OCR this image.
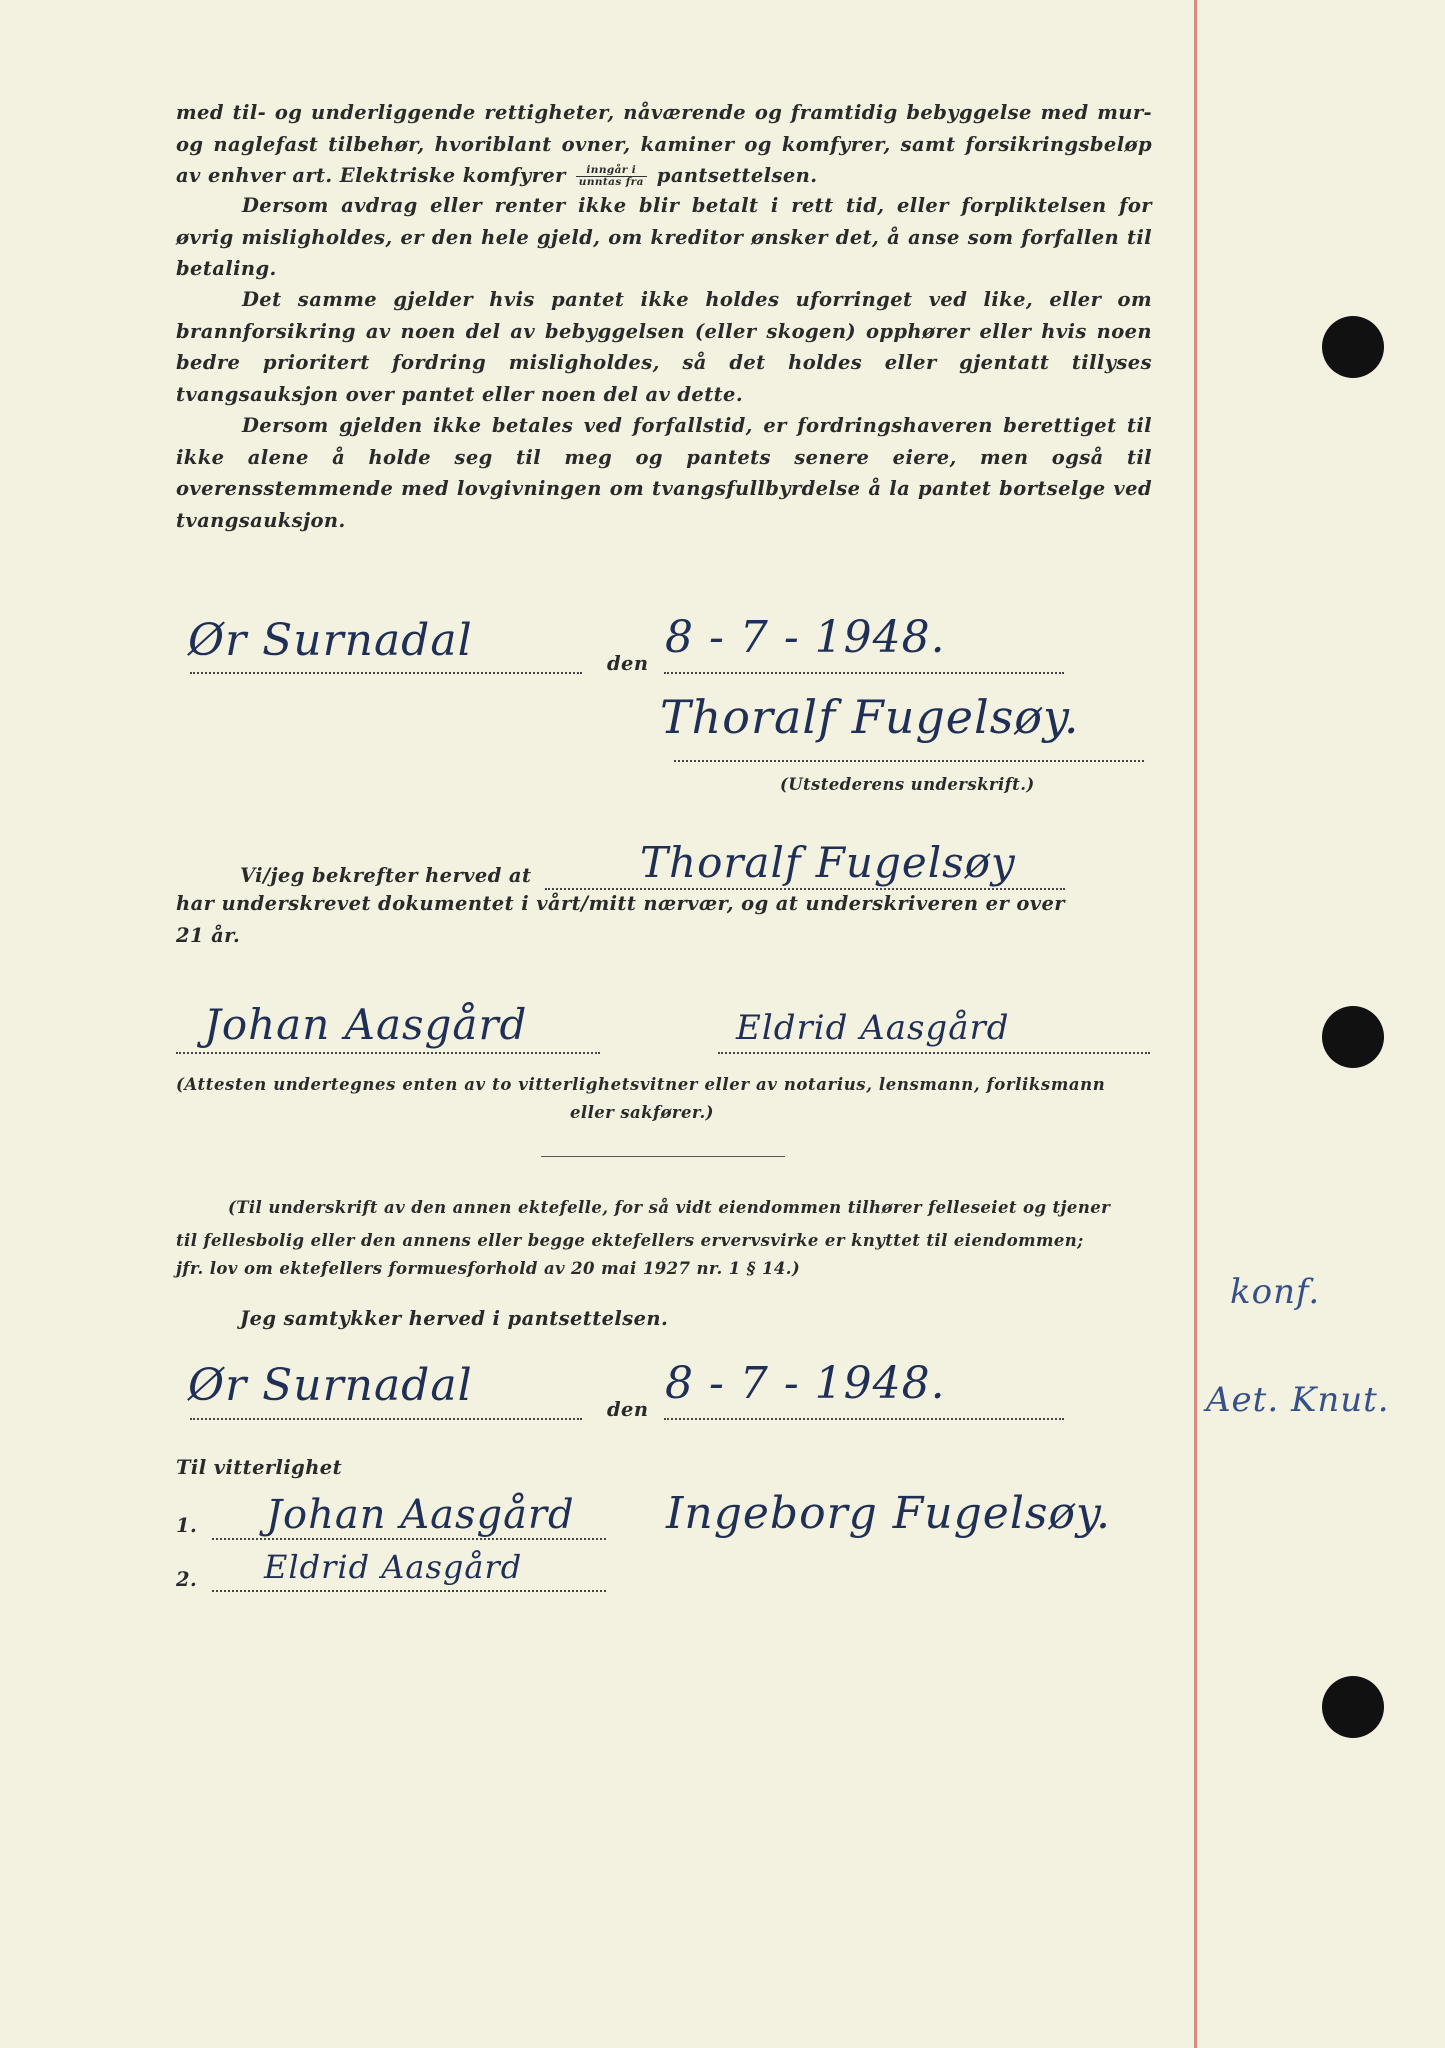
med til- og underliggende rettigheter, nåværende og framtidig bebyggelse med mur- og naglefast tilbehør, hvoriblant ovner, kaminer og komfyrer, samt forsikringsbeløp av enhver art. Elektriske komfyrer $\frac{\text{inngår i}}{\text{unntas fra}}$ pantsettelsen.

Dersom avdrag eller renter ikke blir betalt i rett tid, eller forpliktelsen for øvrig misligholdes, er den hele gjeld, om kreditor ønsker det, å anse som forfallen til betaling.

Det samme gjelder hvis pantet ikke holdes uforringet ved like, eller om brannforsikring av noen del av bebyggelsen (eller skogen) opphører eller hvis noen bedre prioritert fordring misligholdes, så det holdes eller gjentatt tillyses tvangsauksjon over pantet eller noen del av dette.

Dersom gjelden ikke betales ved forfallstid, er fordringshaveren berettiget til ikke alene å holde seg til meg og pantets senere eiere, men også til overensstemmende med lovgivningen om tvangsfullbyrdelse å la pantet bortselge ved tvangsauksjon.

Ør Surnadal	den
8 - 7 - 1948.
Thoralf Fugelsøy.
(Utstederens underskrift.)
Vi/jeg bekrefter herved at	Thoralf Fugelsøy
har underskrevet dokumentet i vårt/mitt nærvær, og at underskriveren er over
21 år.
Johan Aasgård	Eldrid Aasgård
(Attesten undertegnes enten av to vitterlighetsvitner eller av notarius, lensmann, forliksmann
eller sakfører.)
(Til underskrift av den annen ektefelle, for så vidt eiendommen tilhører felleseiet og tjener
til fellesbolig eller den annens eller begge ektefellers ervervsvirke er knyttet til eiendommen;
jfr. lov om ektefellers formuesforhold av 20 mai 1927 nr. 1 § 14.)
Jeg samtykker herved i pantsettelsen.
Ør Surnadal	den
8 - 7 - 1948.
Til vitterlighet
1. Johan Aasgård Ingeborg Fugelsøy.
2. Eldrid Aasgård
konf.
Aet. Knut.
